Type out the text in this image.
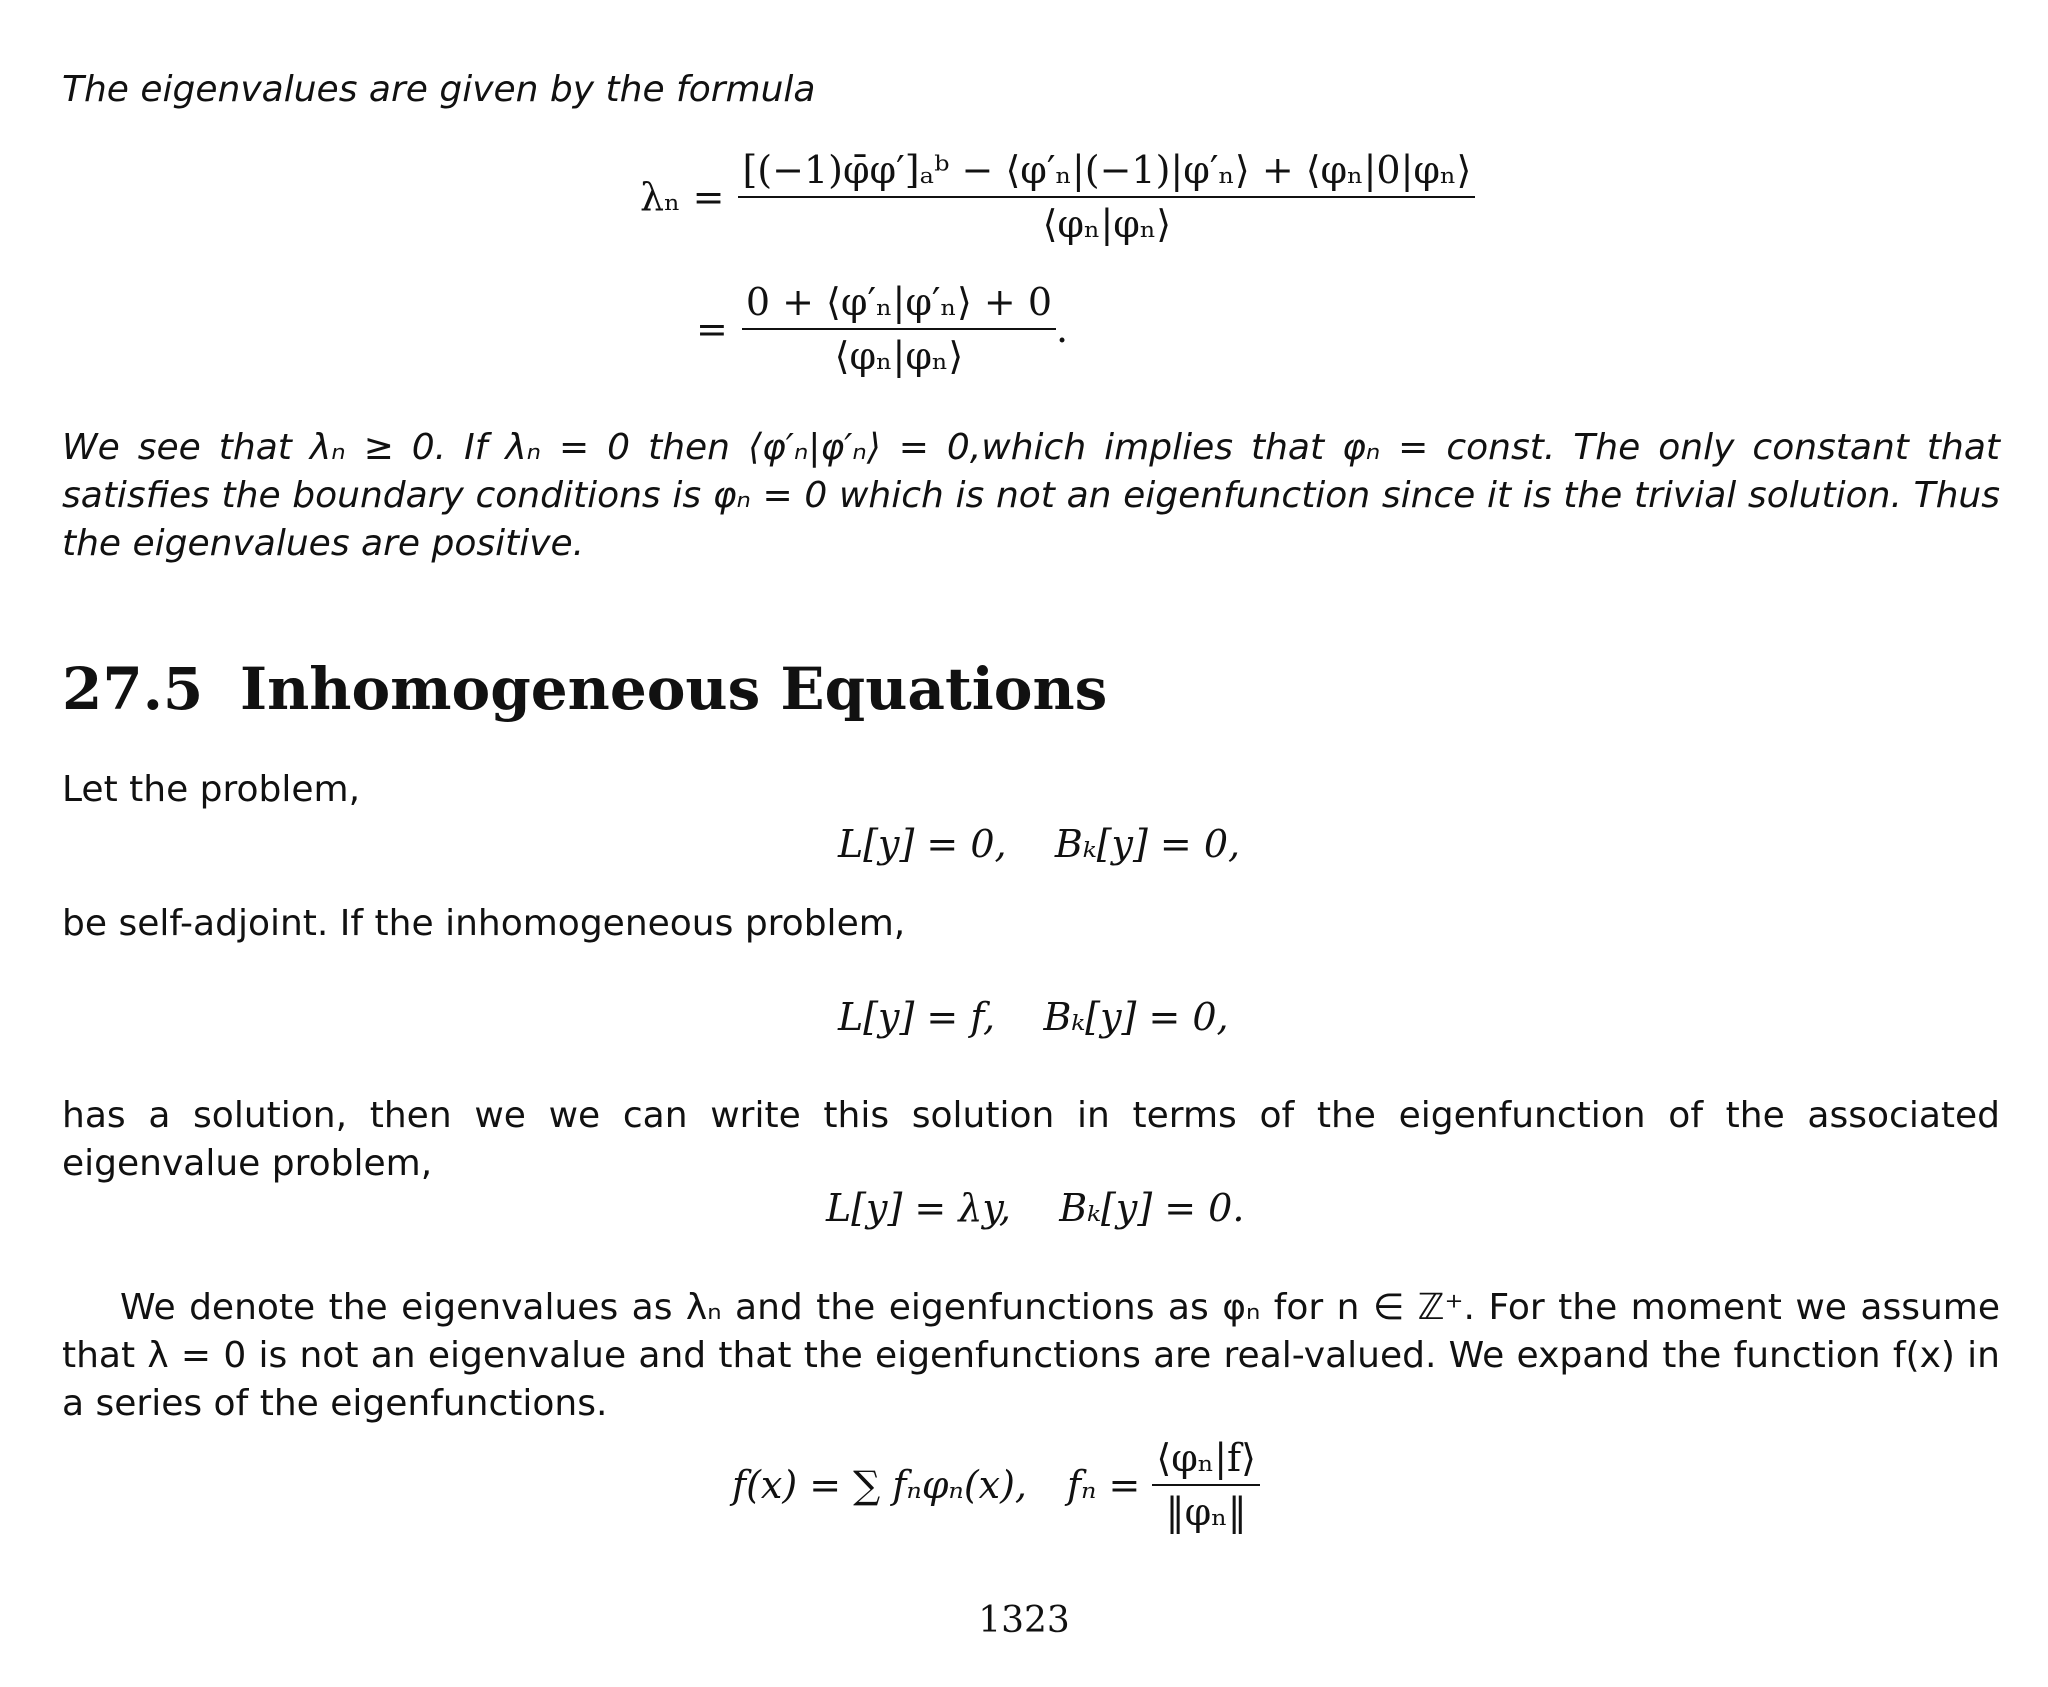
The eigenvalues are given by the formula
$\lambda_n = \frac{\text{[(−1)φ̄φ′]ₐᵇ − ⟨φ′ₙ|(−1)|φ′ₙ⟩ + ⟨φₙ|0|φₙ⟩}}{\text{⟨φₙ|φₙ⟩}}$
= $\frac{\text{0 + ⟨φ′ₙ|φ′ₙ⟩ + 0}}{\text{⟨φₙ|φₙ⟩}}$ .
We see that λₙ ≥ 0. If λₙ = 0 then ⟨φ′ₙ|φ′ₙ⟩ = 0,which implies that φₙ = const. The only constant that satisfies the boundary conditions is φₙ = 0 which is not an eigenfunction since it is the trivial solution. Thus the eigenvalues are positive.
27.5 Inhomogeneous Equations
Let the problem,
L[y] = 0,    Bₖ[y] = 0,
be self-adjoint. If the inhomogeneous problem,
L[y] = f,    Bₖ[y] = 0,
has a solution, then we we can write this solution in terms of the eigenfunction of the associated eigenvalue problem,
L[y] = λy,    Bₖ[y] = 0.
We denote the eigenvalues as λₙ and the eigenfunctions as φₙ for n ∈ ℤ⁺. For the moment we assume that λ = 0 is not an eigenvalue and that the eigenfunctions are real-valued. We expand the function f(x) in a series of the eigenfunctions.
f(x) = ∑ fₙφₙ(x), $f_n = \frac{\text{⟨φₙ|f⟩}}{\text{‖φₙ‖}}$
1323
